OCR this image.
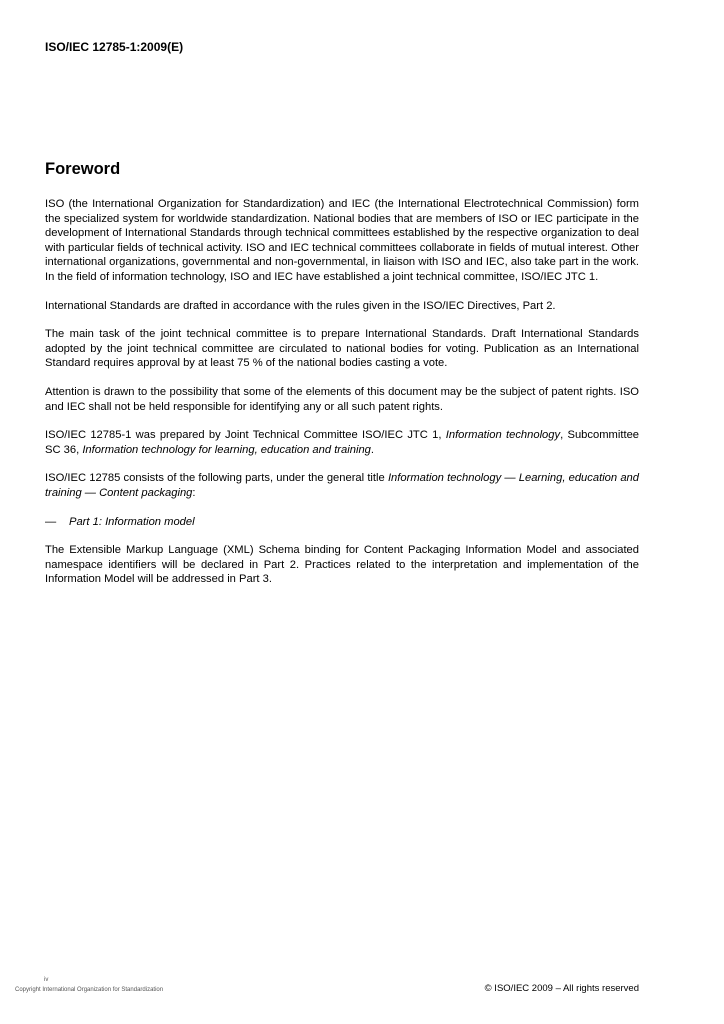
ISO/IEC 12785-1:2009(E)
Foreword

ISO (the International Organization for Standardization) and IEC (the International Electrotechnical Commission) form the specialized system for worldwide standardization. National bodies that are members of ISO or IEC participate in the development of International Standards through technical committees established by the respective organization to deal with particular fields of technical activity. ISO and IEC technical committees collaborate in fields of mutual interest. Other international organizations, governmental and non-governmental, in liaison with ISO and IEC, also take part in the work. In the field of information technology, ISO and IEC have established a joint technical committee, ISO/IEC JTC 1.

International Standards are drafted in accordance with the rules given in the ISO/IEC Directives, Part 2.

The main task of the joint technical committee is to prepare International Standards. Draft International Standards adopted by the joint technical committee are circulated to national bodies for voting. Publication as an International Standard requires approval by at least 75 % of the national bodies casting a vote.

Attention is drawn to the possibility that some of the elements of this document may be the subject of patent rights. ISO and IEC shall not be held responsible for identifying any or all such patent rights.

ISO/IEC 12785-1 was prepared by Joint Technical Committee ISO/IEC JTC 1, Information technology, Subcommittee SC 36, Information technology for learning, education and training.

ISO/IEC 12785 consists of the following parts, under the general title Information technology — Learning, education and training — Content packaging:

—	Part 1: Information model

The Extensible Markup Language (XML) Schema binding for Content Packaging Information Model and associated namespace identifiers will be declared in Part 2. Practices related to the interpretation and implementation of the Information Model will be addressed in Part 3.

iv
Copyright International Organization for Standardization	© ISO/IEC 2009 – All rights reserved
